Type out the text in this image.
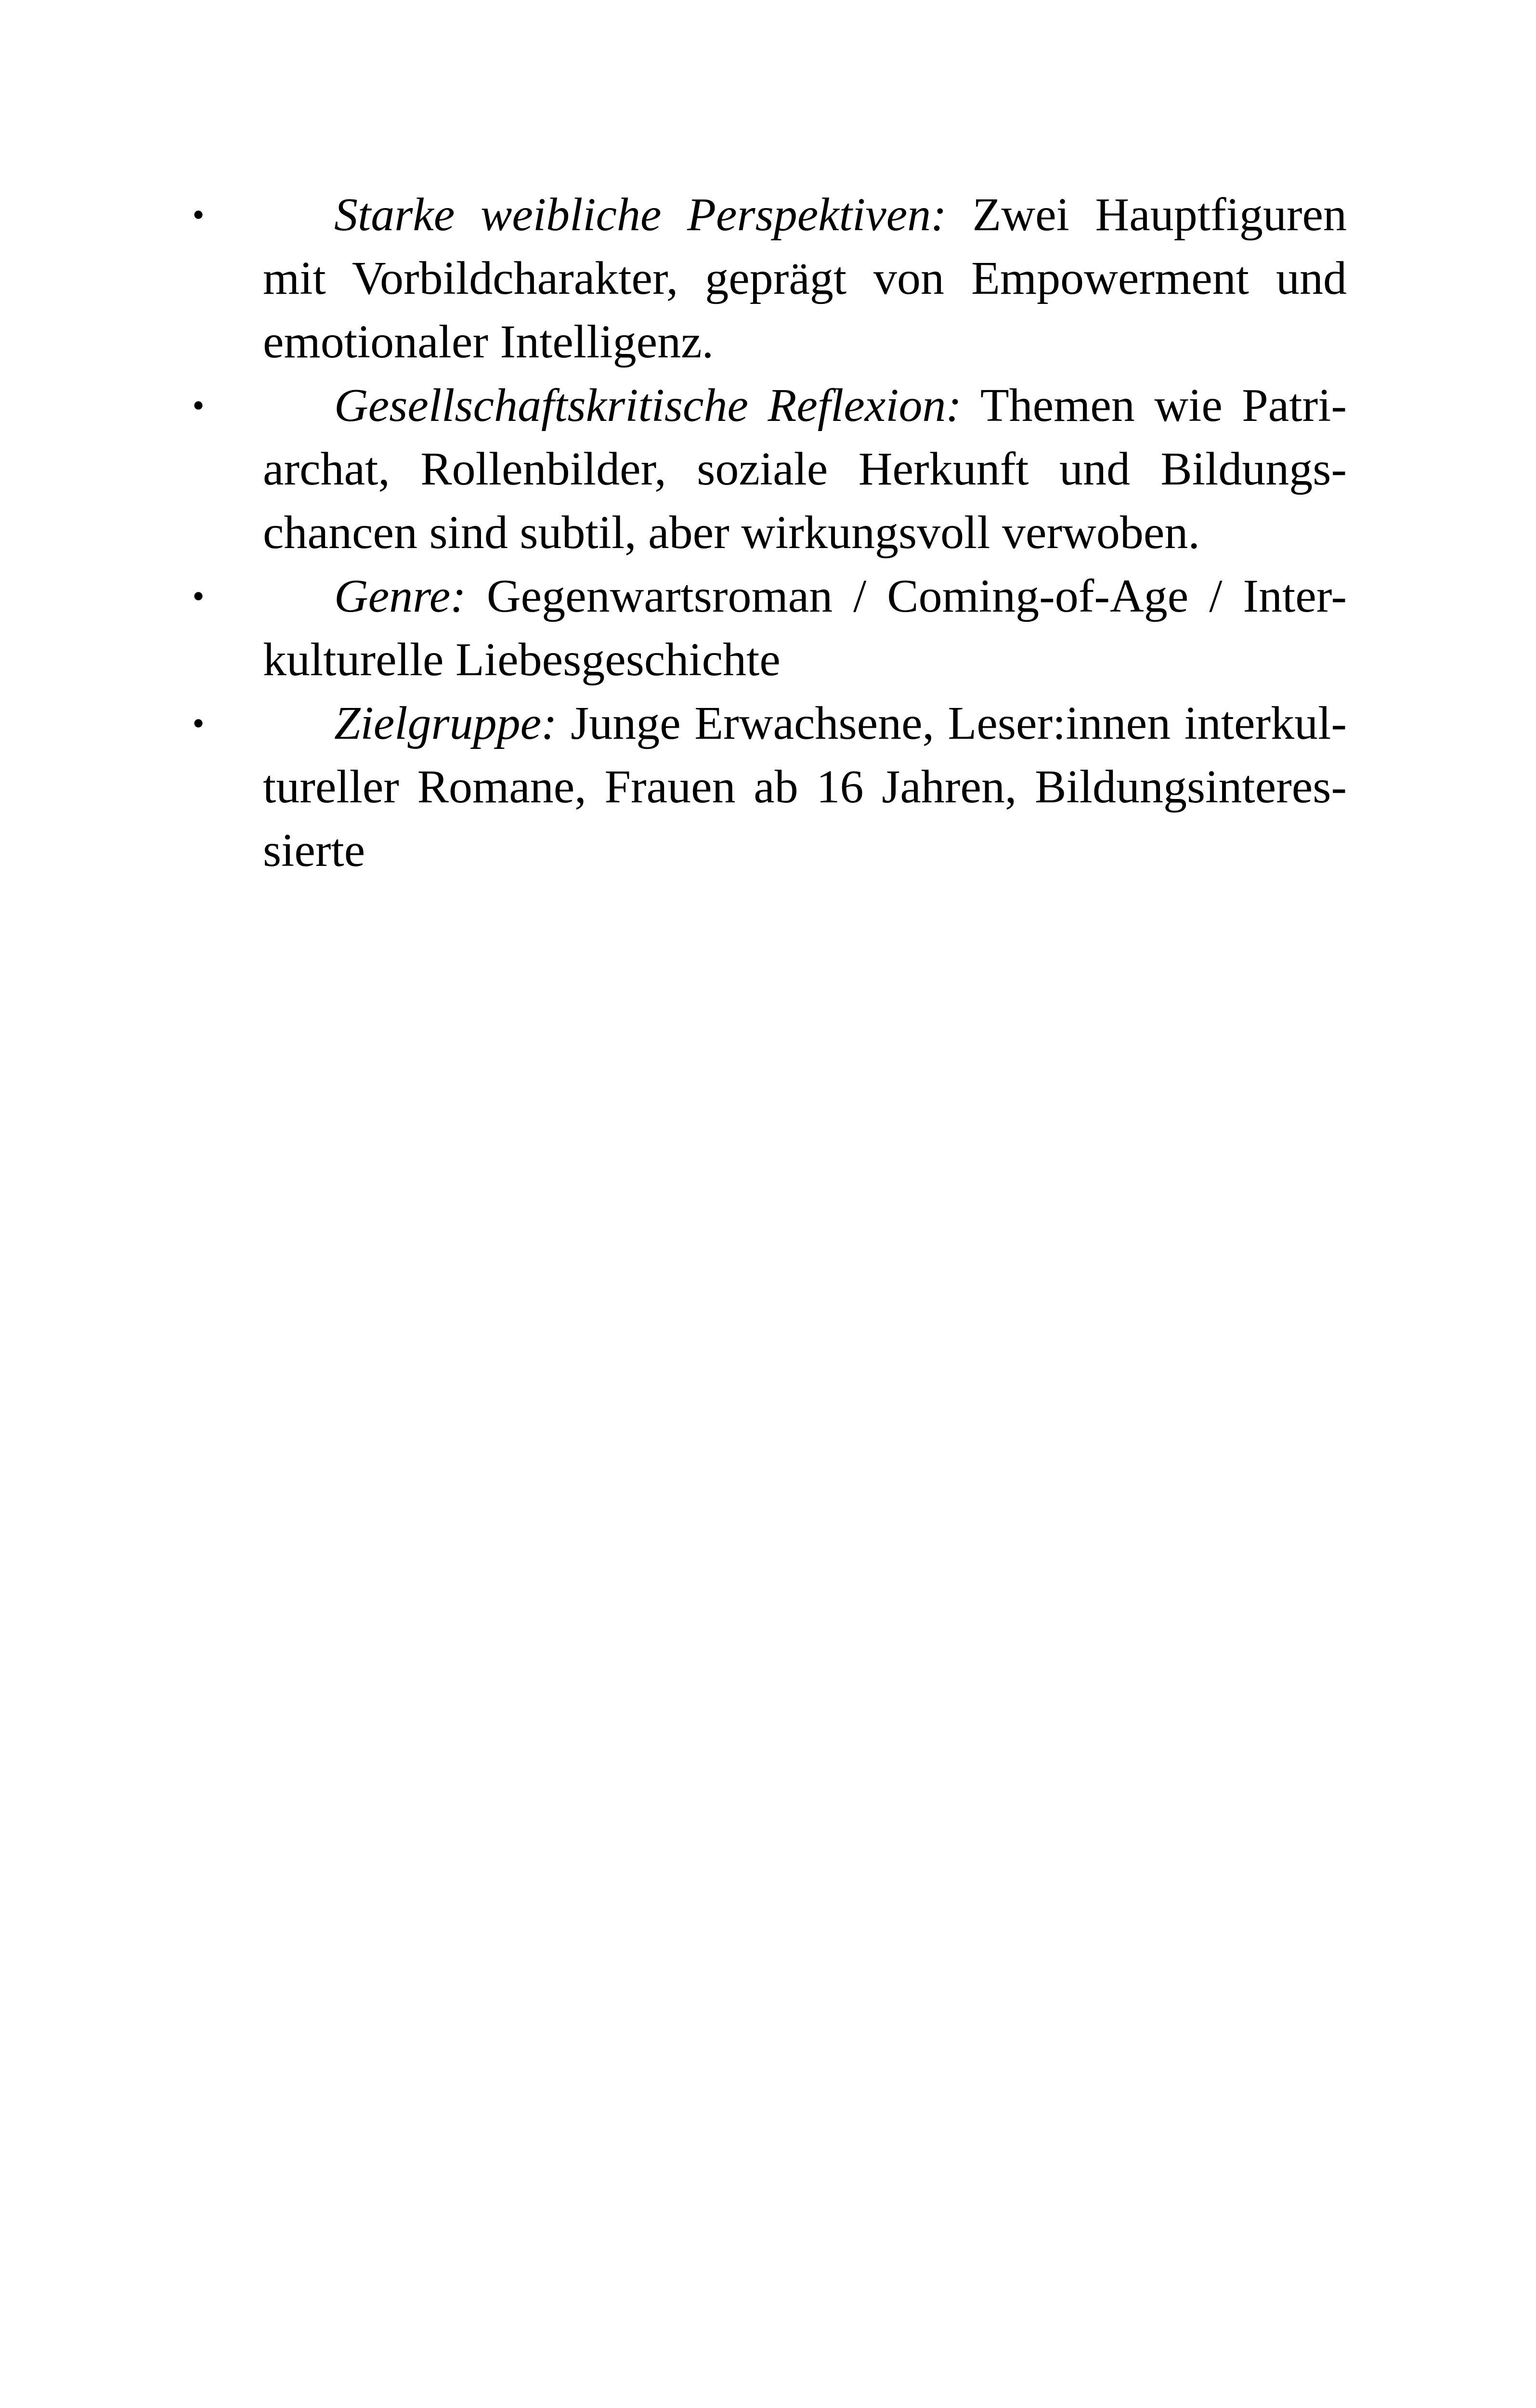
•	Starke weibliche Perspektiven: Zwei Hauptfiguren
mit Vorbildcharakter, geprägt von Empowerment und
emotionaler Intelligenz.
•	Gesellschaftskritische Reflexion: Themen wie Patri-
archat, Rollenbilder, soziale Herkunft und Bildungs-
chancen sind subtil, aber wirkungsvoll verwoben.
•	Genre: Gegenwartsroman / Coming-of-Age / Inter-
kulturelle Liebesgeschichte
•	Zielgruppe: Junge Erwachsene, Leser:innen interkul-
tureller Romane, Frauen ab 16 Jahren, Bildungsinteres-
sierte
